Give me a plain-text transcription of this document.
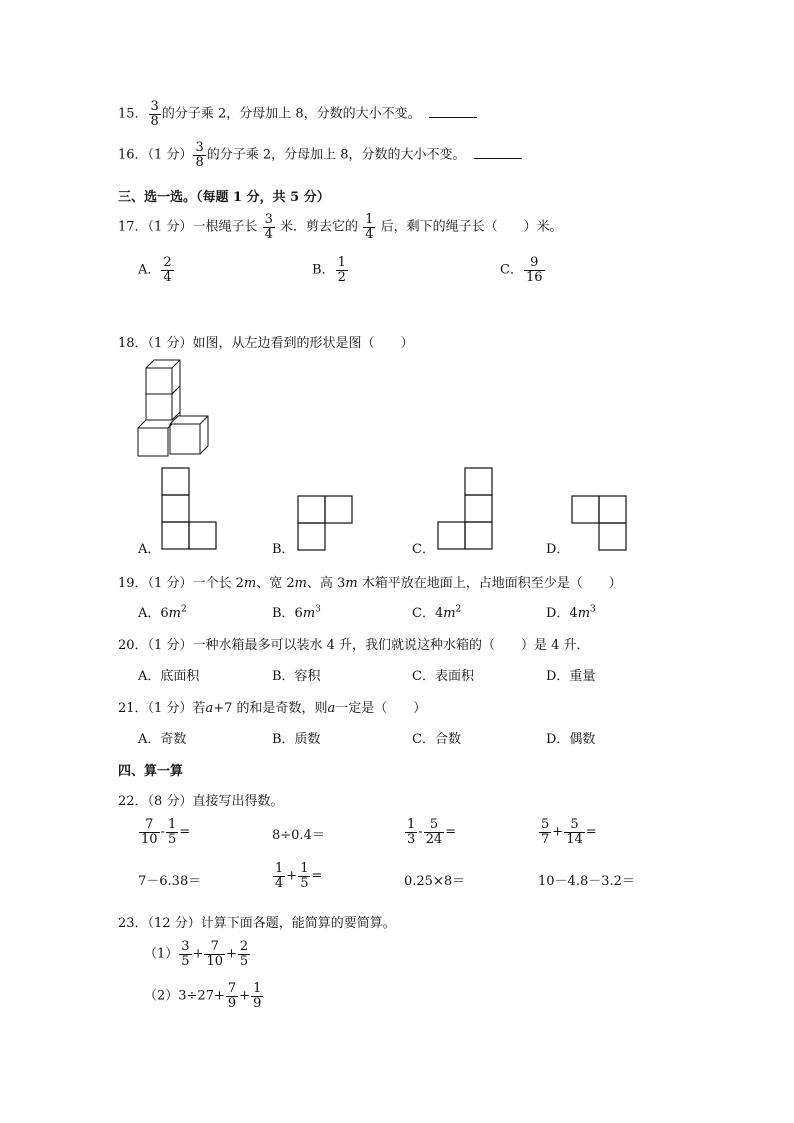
15． $\frac{3}{8}$ 的分子乘 2，分母加上 8，分数的大小不变。
16．（1 分） $\frac{3}{8}$ 的分子乘 2，分母加上 8，分数的大小不变。
三、选一选。（每题 1 分，共 5 分）
17．（1 分）一根绳子长 $\frac{3}{4}$ 米．剪去它的 $\frac{1}{4}$ 后，剩下的绳子长（　　）米。
A． $\frac{2}{4}$	B． $\frac{1}{2}$	C． $\frac{9}{16}$
18．（1 分）如图，从左边看到的形状是图（　　）
A．	B．	C．	D．
19．（1 分）一个长 2m、宽 2m、高 3m 木箱平放在地面上，占地面积至少是（　　）
A．$6m^2$	B．$6m^3$	C．$4m^2$	D．$4m^3$
20．（1 分）一种水箱最多可以装水 4 升，我们就说这种水箱的（　　）是 4 升．
A．底面积	B．容积	C．表面积	D．重量
21．（1 分）若a+7 的和是奇数，则a一定是（　　）
A．奇数	B．质数	C．合数	D．偶数
四、算一算
22．（8 分）直接写出得数。
$\frac{7}{10} - \frac{1}{5}$ =	8÷0.4＝	$\frac{1}{3} - \frac{5}{24}$ =	$\frac{5}{7} + \frac{5}{14}$ =
7－6.38＝	$\frac{1}{4} + \frac{1}{5}$ =	0.25×8＝	10－4.8－3.2＝
23．（12 分）计算下面各题，能简算的要简算。
$(1) \frac{3}{5} + \frac{7}{10} + \frac{2}{5}$
$(2)3\div 27+ \frac{7}{9} + \frac{1}{9}$
